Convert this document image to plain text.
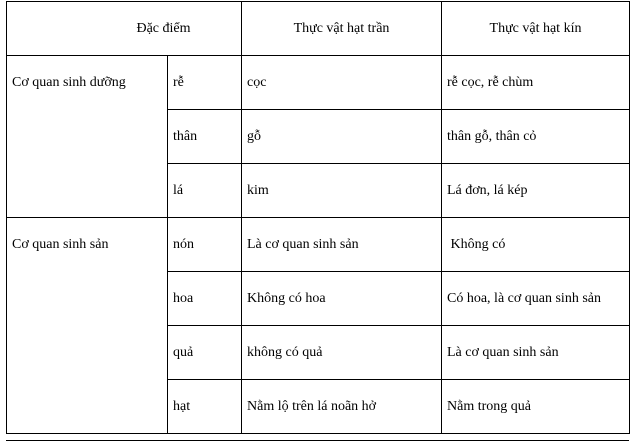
Đặc điểm		Thực vật hạt trần	Thực vật hạt kín
Cơ quan sinh dưỡng	rễ	cọc	rễ cọc, rễ chùm
	thân	gỗ	thân gỗ, thân cỏ
	lá	kim	Lá đơn, lá kép
Cơ quan sinh sản	nón	Là cơ quan sinh sản	Không có
	hoa	Không có hoa	Có hoa, là cơ quan sinh sản
	quả	không có quả	Là cơ quan sinh sản
	hạt	Nằm lộ trên lá noãn hở	Nằm trong quả
